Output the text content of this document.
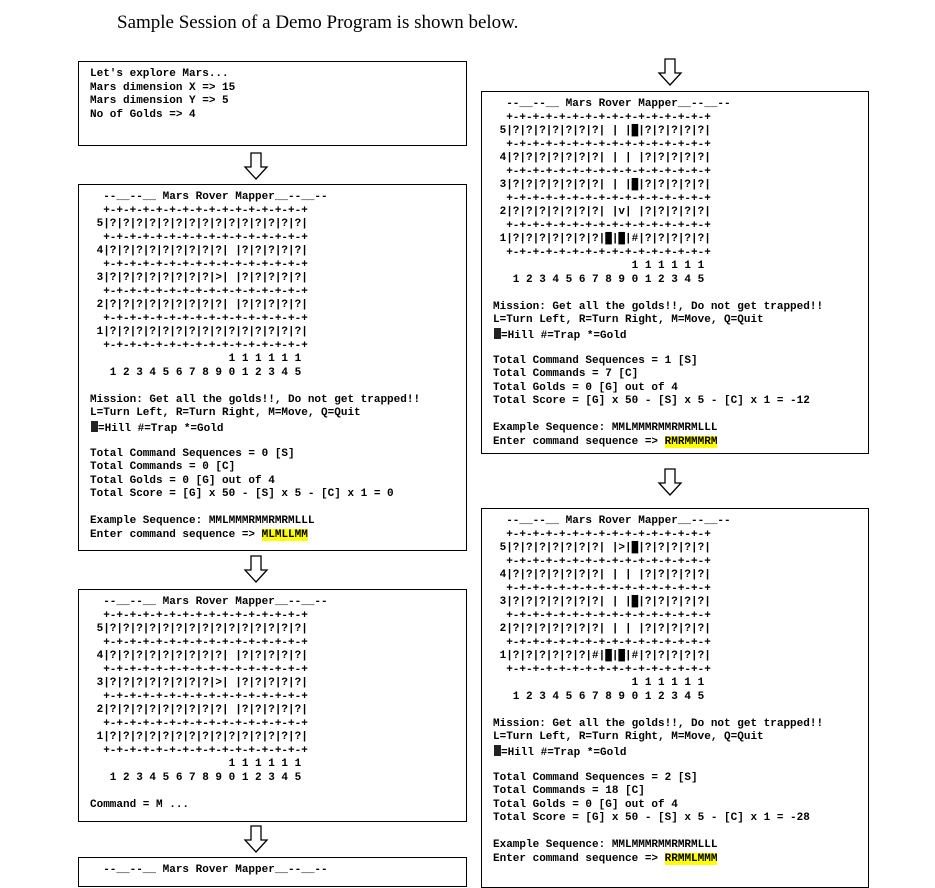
Sample Session of a Demo Program is shown below.
Let's explore Mars...
Mars dimension X => 15
Mars dimension Y => 5
No of Golds => 4
--__--__ Mars Rover Mapper__--__--
+-+-+-+-+-+-+-+-+-+-+-+-+-+-+-+
5|?|?|?|?|?|?|?|?|?|?|?|?|?|?|?|
+-+-+-+-+-+-+-+-+-+-+-+-+-+-+-+
4|?|?|?|?|?|?|?|?|?| |?|?|?|?|?|
+-+-+-+-+-+-+-+-+-+-+-+-+-+-+-+
3|?|?|?|?|?|?|?|?|>| |?|?|?|?|?|
+-+-+-+-+-+-+-+-+-+-+-+-+-+-+-+
2|?|?|?|?|?|?|?|?|?| |?|?|?|?|?|
+-+-+-+-+-+-+-+-+-+-+-+-+-+-+-+
1|?|?|?|?|?|?|?|?|?|?|?|?|?|?|?|
+-+-+-+-+-+-+-+-+-+-+-+-+-+-+-+
1 1 1 1 1 1
1 2 3 4 5 6 7 8 9 0 1 2 3 4 5
Mission: Get all the golds!!, Do not get trapped!!
L=Turn Left, R=Turn Right, M=Move, Q=Quit
=Hill #=Trap *=Gold
Total Command Sequences = 0 [S]
Total Commands = 0 [C]
Total Golds = 0 [G] out of 4
Total Score = [G] x 50 - [S] x 5 - [C] x 1 = 0
Example Sequence: MMLMMMRMMRMRMLLL
Enter command sequence => MLMLLMM
--__--__ Mars Rover Mapper__--__--
+-+-+-+-+-+-+-+-+-+-+-+-+-+-+-+
5|?|?|?|?|?|?|?|?|?|?|?|?|?|?|?|
+-+-+-+-+-+-+-+-+-+-+-+-+-+-+-+
4|?|?|?|?|?|?|?|?|?| |?|?|?|?|?|
+-+-+-+-+-+-+-+-+-+-+-+-+-+-+-+
3|?|?|?|?|?|?|?|?|>| |?|?|?|?|?|
+-+-+-+-+-+-+-+-+-+-+-+-+-+-+-+
2|?|?|?|?|?|?|?|?|?| |?|?|?|?|?|
+-+-+-+-+-+-+-+-+-+-+-+-+-+-+-+
1|?|?|?|?|?|?|?|?|?|?|?|?|?|?|?|
+-+-+-+-+-+-+-+-+-+-+-+-+-+-+-+
1 1 1 1 1 1
1 2 3 4 5 6 7 8 9 0 1 2 3 4 5
Command = M ...
--__--__ Mars Rover Mapper__--__--
--__--__ Mars Rover Mapper__--__--
+-+-+-+-+-+-+-+-+-+-+-+-+-+-+-+
5|?|?|?|?|?|?|?| | |█|?|?|?|?|?|
+-+-+-+-+-+-+-+-+-+-+-+-+-+-+-+
4|?|?|?|?|?|?|?| | | |?|?|?|?|?|
+-+-+-+-+-+-+-+-+-+-+-+-+-+-+-+
3|?|?|?|?|?|?|?| | |█|?|?|?|?|?|
+-+-+-+-+-+-+-+-+-+-+-+-+-+-+-+
2|?|?|?|?|?|?|?| |v| |?|?|?|?|?|
+-+-+-+-+-+-+-+-+-+-+-+-+-+-+-+
1|?|?|?|?|?|?|?|█|█|#|?|?|?|?|?|
+-+-+-+-+-+-+-+-+-+-+-+-+-+-+-+
1 1 1 1 1 1
1 2 3 4 5 6 7 8 9 0 1 2 3 4 5
Mission: Get all the golds!!, Do not get trapped!!
L=Turn Left, R=Turn Right, M=Move, Q=Quit
=Hill #=Trap *=Gold
Total Command Sequences = 1 [S]
Total Commands = 7 [C]
Total Golds = 0 [G] out of 4
Total Score = [G] x 50 - [S] x 5 - [C] x 1 = -12
Example Sequence: MMLMMMRMMRMRMLLL
Enter command sequence => RMRMMMRM
--__--__ Mars Rover Mapper__--__--
+-+-+-+-+-+-+-+-+-+-+-+-+-+-+-+
5|?|?|?|?|?|?|?| |>|█|?|?|?|?|?|
+-+-+-+-+-+-+-+-+-+-+-+-+-+-+-+
4|?|?|?|?|?|?|?| | | |?|?|?|?|?|
+-+-+-+-+-+-+-+-+-+-+-+-+-+-+-+
3|?|?|?|?|?|?|?| | |█|?|?|?|?|?|
+-+-+-+-+-+-+-+-+-+-+-+-+-+-+-+
2|?|?|?|?|?|?|?| | | |?|?|?|?|?|
+-+-+-+-+-+-+-+-+-+-+-+-+-+-+-+
1|?|?|?|?|?|?|#|█|█|#|?|?|?|?|?|
+-+-+-+-+-+-+-+-+-+-+-+-+-+-+-+
1 1 1 1 1 1
1 2 3 4 5 6 7 8 9 0 1 2 3 4 5
Mission: Get all the golds!!, Do not get trapped!!
L=Turn Left, R=Turn Right, M=Move, Q=Quit
=Hill #=Trap *=Gold
Total Command Sequences = 2 [S]
Total Commands = 18 [C]
Total Golds = 0 [G] out of 4
Total Score = [G] x 50 - [S] x 5 - [C] x 1 = -28
Example Sequence: MMLMMMRMMRMRMLLL
Enter command sequence => RRMMLMMM
